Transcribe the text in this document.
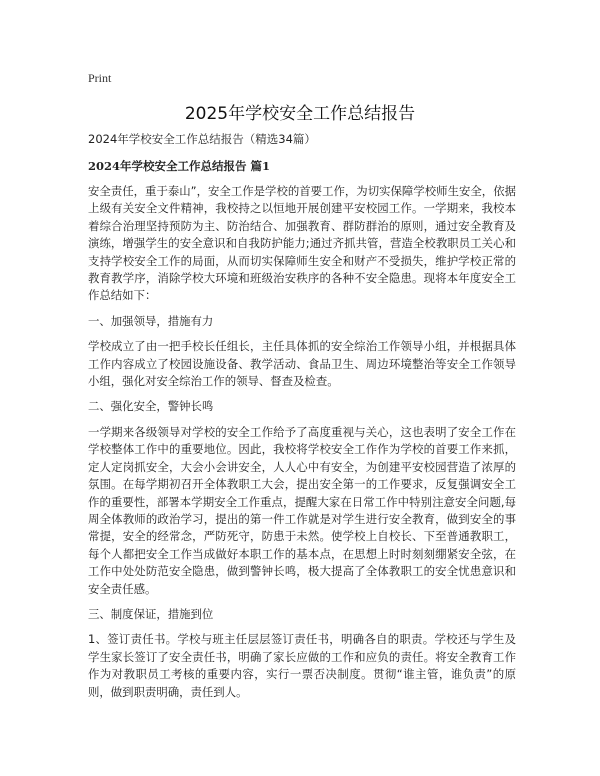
Print
2025年学校安全工作总结报告

2024年学校安全工作总结报告（精选34篇）

2024年学校安全工作总结报告 篇1

安全责任，重于泰山”，安全工作是学校的首要工作，为切实保障学校师生安全，依据上级有关安全文件精神，我校持之以恒地开展创建平安校园工作。一学期来，我校本着综合治理坚持预防为主、防治结合、加强教育、群防群治的原则，通过安全教育及演练，增强学生的安全意识和自我防护能力;通过齐抓共管，营造全校教职员工关心和支持学校安全工作的局面，从而切实保障师生安全和财产不受损失，维护学校正常的教育教学序，消除学校大环境和班级治安秩序的各种不安全隐患。现将本年度安全工作总结如下：

一、加强领导，措施有力

学校成立了由一把手校长任组长，主任具体抓的安全综治工作领导小组，并根据具体工作内容成立了校园设施设备、教学活动、食品卫生、周边环境整治等安全工作领导小组，强化对安全综治工作的领导、督查及检查。

二、强化安全，警钟长鸣

一学期来各级领导对学校的安全工作给予了高度重视与关心，这也表明了安全工作在学校整体工作中的重要地位。因此，我校将学校安全工作作为学校的首要工作来抓，定人定岗抓安全，大会小会讲安全，人人心中有安全，为创建平安校园营造了浓厚的氛围。在每学期初召开全体教职工大会，提出安全第一的工作要求，反复强调安全工作的重要性，部署本学期安全工作重点，提醒大家在日常工作中特别注意安全问题,每周全体教师的政治学习，提出的第一件工作就是对学生进行安全教育，做到安全的事常提，安全的经常念，严防死守，防患于未然。使学校上自校长、下至普通教职工，每个人都把安全工作当成做好本职工作的基本点，在思想上时时刻刻绷紧安全弦，在工作中处处防范安全隐患，做到警钟长鸣，极大提高了全体教职工的安全忧患意识和安全责任感。

三、制度保证，措施到位

1、签订责任书。学校与班主任层层签订责任书，明确各自的职责。学校还与学生及学生家长签订了安全责任书，明确了家长应做的工作和应负的责任。将安全教育工作作为对教职员工考核的重要内容，实行一票否决制度。贯彻“谁主管，谁负责”的原则，做到职责明确，责任到人。
